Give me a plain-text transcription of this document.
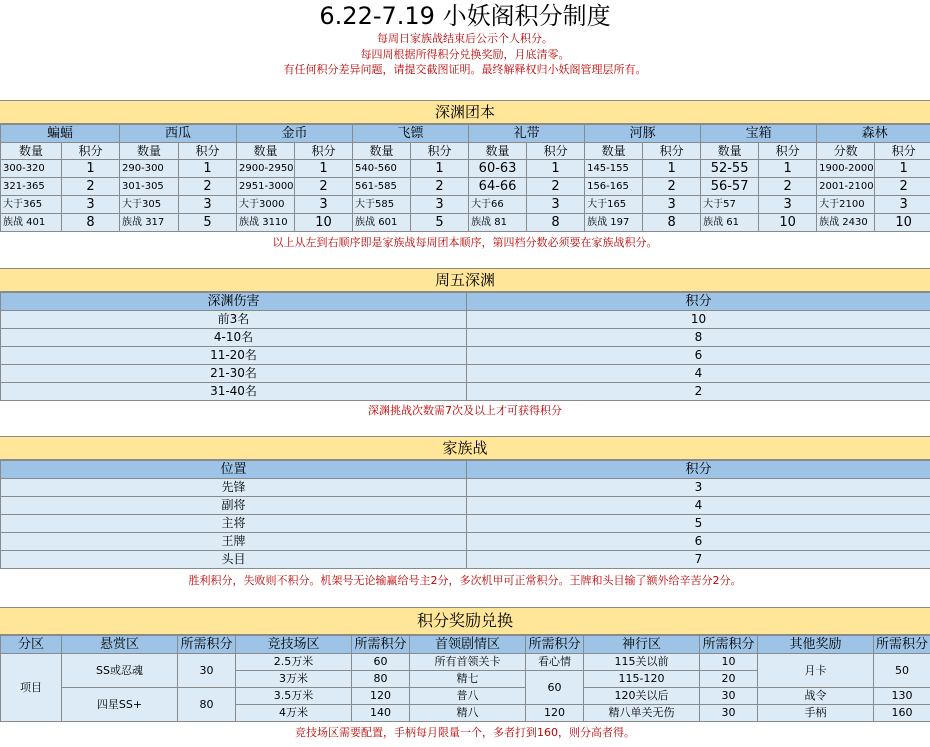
6.22-7.19 小妖阁积分制度
每周日家族战结束后公示个人积分。
每四周根据所得积分兑换奖励，月底清零。
有任何积分差异问题，请提交截图证明。最终解释权归小妖阁管理层所有。
深渊团本
蝙蝠		西瓜		金币		飞镖		礼带		河豚		宝箱		森林	
数量	积分	数量	积分	数量	积分	数量	积分	数量	积分	数量	积分	数量	积分	分数	积分
300-320	1	290-300	1	2900-2950	1	540-560	1	60-63	1	145-155	1	52-55	1	1900-2000	1
321-365	2	301-305	2	2951-3000	2	561-585	2	64-66	2	156-165	2	56-57	2	2001-2100	2
大于365	3	大于305	3	大于3000	3	大于585	3	大于66	3	大于165	3	大于57	3	大于2100	3
族战 401	8	族战 317	5	族战 3110	10	族战 601	5	族战 81	8	族战 197	8	族战 61	10	族战 2430	10
以上从左到右顺序即是家族战每周团本顺序，第四档分数必须要在家族战积分。
周五深渊
深渊伤害	积分
前3名	10
4-10名	8
11-20名	6
21-30名	4
31-40名	2
深渊挑战次数需7次及以上才可获得积分
家族战
位置	积分
先锋	3
副将	4
主将	5
王牌	6
头目	7
胜利积分，失败则不积分。机架号无论输赢给号主2分，多次机甲可正常积分。王牌和头目输了额外给辛苦分2分。
积分奖励兑换
分区	悬赏区	所需积分	竞技场区	所需积分	首领剧情区	所需积分	神行区	所需积分	其他奖励	所需积分
项目	SS或忍魂	30	2.5万米	60	所有首领关卡	看心情	115关以前	10	月卡	50
			3万米	80	精七	60	115-120	20		
	四星SS+	80	3.5万米	120	普八		120关以后	30	战令	130
			4万米	140	精八	120	精八单关无伤	30	手柄	160
竞技场区需要配置，手柄每月限量一个，多者打到160，则分高者得。
